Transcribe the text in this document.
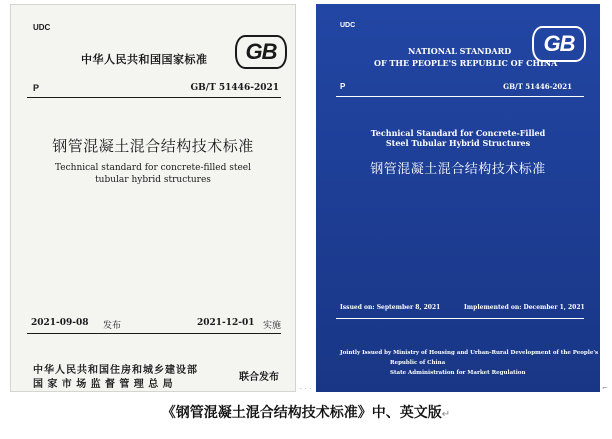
UDC
中华人民共和国国家标准	GB
P	GB/T 51446-2021
钢管混凝土混合结构技术标准
Technical standard for concrete-filled steel
tubular hybrid structures
2021-09-08 发布	2021-12-01 实施
中华人民共和国住房和城乡建设部
国家市场监督管理总局
联合发布
UDC
NATIONAL STANDARD
OF THE PEOPLE'S REPUBLIC OF CHINA
GB
P	GB/T 51446-2021
Technical Standard for Concrete-Filled
Steel Tubular Hybrid Structures
钢管混凝土混合结构技术标准
Issued on: September 8, 2021	Implemented on: December 1, 2021
Jointly Issued by Ministry of Housing and Urban-Rural Development of the People's
Republic of China
State Administration for Market Regulation
···	⌐
《钢管混凝土混合结构技术标准》中、英文版↵
